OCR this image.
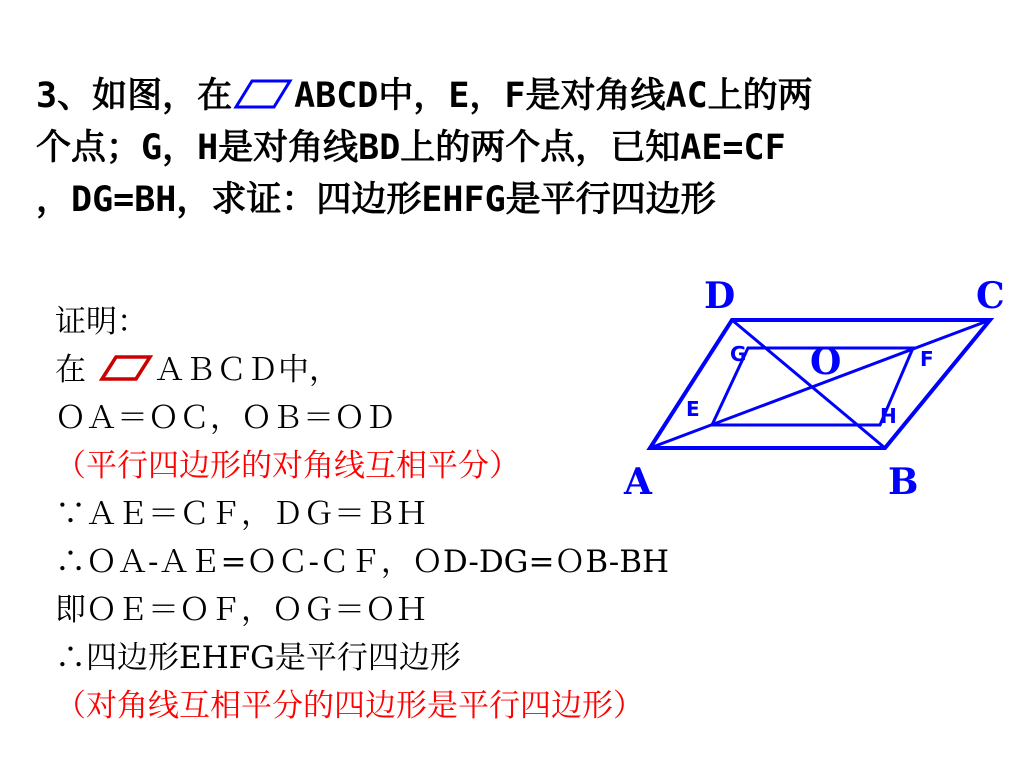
3、如图，在 ABCD中，E，F是对角线AC上的两
个点；G，H是对角线BD上的两个点，已知AE=CF
，DG=BH，求证：四边形EHFG是平行四边形
证明：
在 ＡＢＣＤ中，
ＯＡ＝ＯＣ，ＯＢ＝ＯＤ
（平行四边形的对角线互相平分）
∵ＡＥ＝ＣＦ，ＤＧ＝ＢＨ
∴ＯＡ-ＡＥ=ＯＣ-ＣＦ，ＯD-DG=ＯB-BH
即ＯＥ＝ＯＦ，ＯＧ＝ＯＨ
∴四边形EHFG是平行四边形
（对角线互相平分的四边形是平行四边形）
A	B
C
D
O
G	F
E	H
